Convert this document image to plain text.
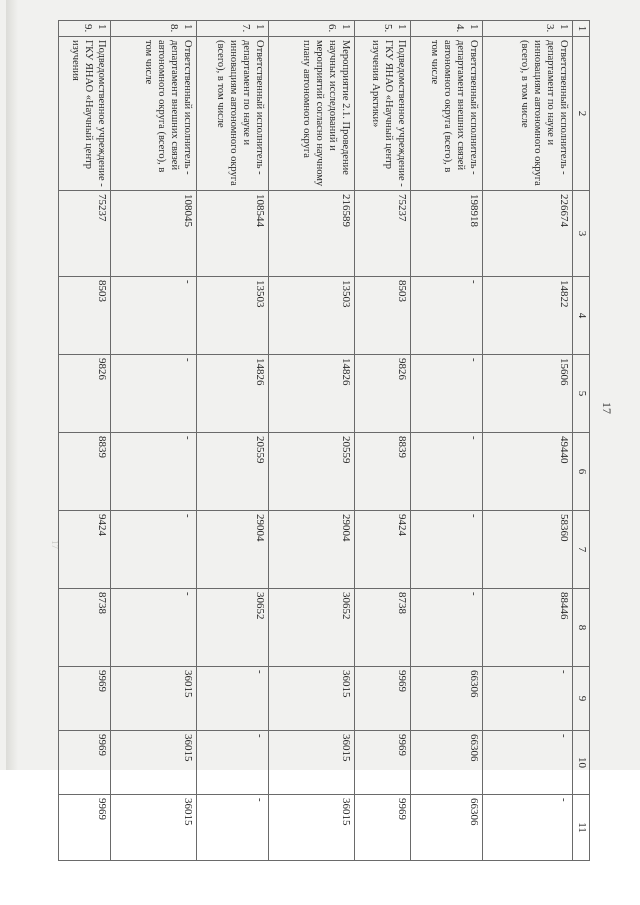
17
17
1	2	3	4	5	6	7	8	9	10	11
13.	Ответственный исполнитель - департамент по науке и инновациям автономного округа (всего), в том числе	226674	14822	15606	49440	58360	88446	-	-	-
14.	Ответственный исполнитель - департамент внешних связей автономного округа (всего), в том числе	198918	-	-	-	-	-	66306	66306	66306
15.	Подведомственное учреждение - ГКУ ЯНАО «Научный центр изучения Арктики»	75237	8503	9826	8839	9424	8738	9969	9969	9969
16.	Мероприятие 2.1. Проведение научных исследований и мероприятий согласно научному плану автономного округа	216589	13503	14826	20559	29004	30652	36015	36015	36015
17.	Ответственный исполнитель - департамент по науке и инновациям автономного округа (всего), в том числе	108544	13503	14826	20559	29004	30652	-	-	-
18.	Ответственный исполнитель - департамент внешних связей автономного округа (всего), в том числе	108045	-	-	-	-	-	36015	36015	36015
19.	Подведомственное учреждение - ГКУ ЯНАО «Научный центр изучения	75237	8503	9826	8839	9424	8738	9969	9969	9969
